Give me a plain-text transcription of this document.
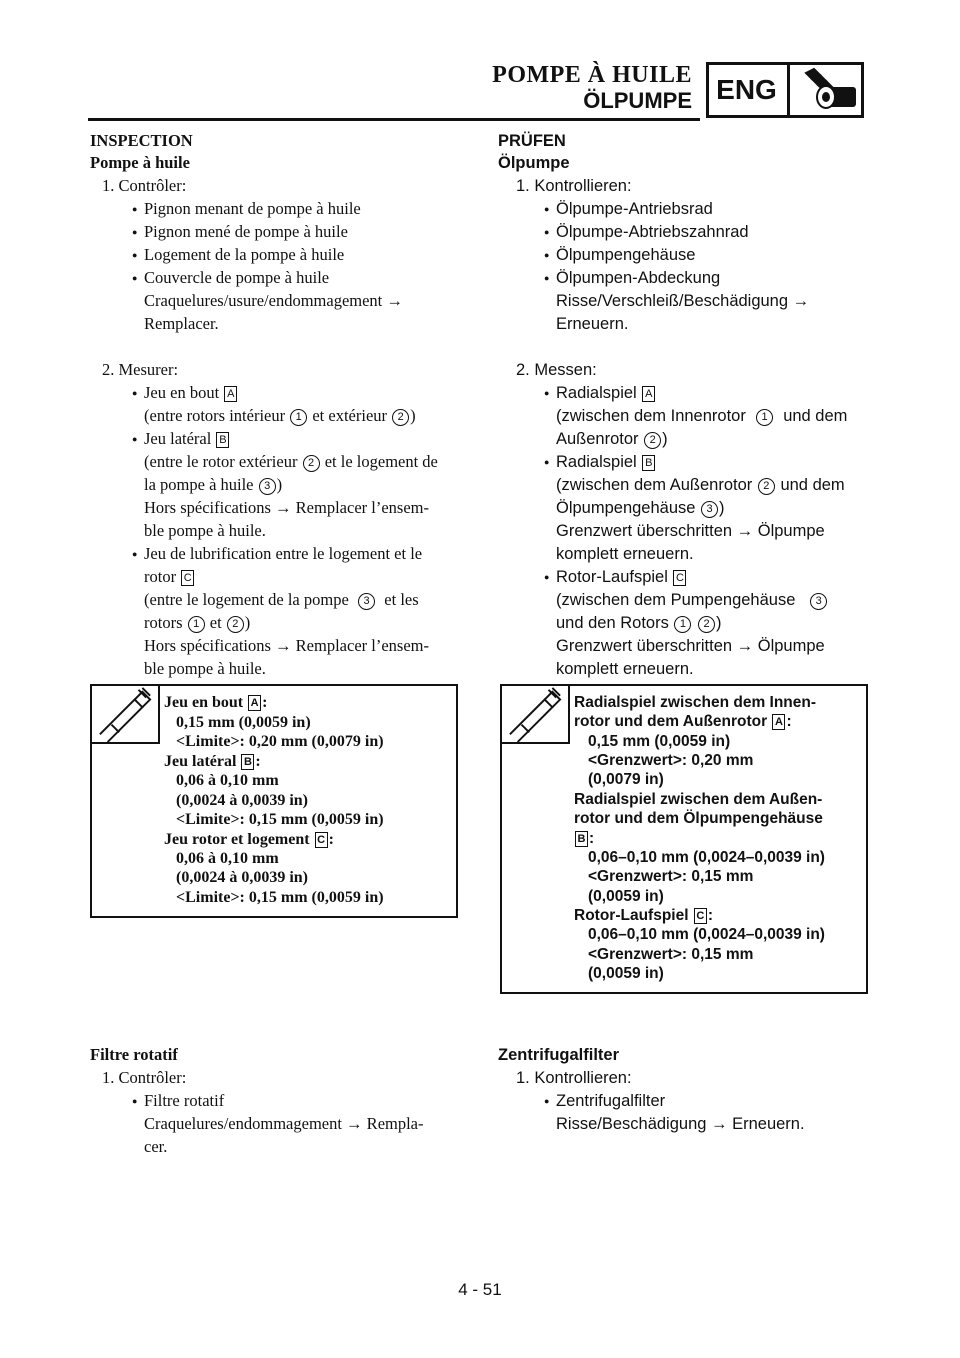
POMPE À HUILE
ÖLPUMPE ENG
INSPECTION
Pompe à huile
1. Contrôler:
● Pignon menant de pompe à huile
● Pignon mené de pompe à huile
● Logement de la pompe à huile
● Couvercle de pompe à huile
Craquelures/usure/endommagement →
Remplacer.
2. Mesurer:
● Jeu en bout A
(entre rotors intérieur 1 et extérieur 2 )
● Jeu latéral B
(entre le rotor extérieur 2 et le logement de
la pompe à huile 3 )
Hors spécifications → Remplacer l’ensem-
ble pompe à huile.
● Jeu de lubrification entre le logement et le
rotor C
(entre le logement de la pompe 3 et les
rotors 1 et 2 )
Hors spécifications → Remplacer l’ensem-
ble pompe à huile.
Jeu en bout A :
0,15 mm (0,0059 in)
<Limite>: 0,20 mm (0,0079 in)
Jeu latéral B :
0,06 à 0,10 mm
(0,0024 à 0,0039 in)
<Limite>: 0,15 mm (0,0059 in)
Jeu rotor et logement C :
0,06 à 0,10 mm
(0,0024 à 0,0039 in)
<Limite>: 0,15 mm (0,0059 in)
Filtre rotatif
1. Contrôler:
● Filtre rotatif
Craquelures/endommagement → Rempla-
cer.
PRÜFEN
Ölpumpe
1. Kontrollieren:
● Ölpumpe-Antriebsrad
● Ölpumpe-Abtriebszahnrad
● Ölpumpengehäuse
● Ölpumpen-Abdeckung
Risse/Verschleiß/Beschädigung →
Erneuern.
2. Messen:
● Radialspiel A
(zwischen dem Innenrotor 1 und dem
Außenrotor 2 )
● Radialspiel B
(zwischen dem Außenrotor 2 und dem
Ölpumpengehäuse 3 )
Grenzwert überschritten → Ölpumpe
komplett erneuern.
● Rotor-Laufspiel C
(zwischen dem Pumpengehäuse 3
und den Rotors 1 2 )
Grenzwert überschritten → Ölpumpe
komplett erneuern.
Radialspiel zwischen dem Innen-
rotor und dem Außenrotor A :
0,15 mm (0,0059 in)
<Grenzwert>: 0,20 mm
(0,0079 in)
Radialspiel zwischen dem Außen-
rotor und dem Ölpumpengehäuse
B :
0,06–0,10 mm (0,0024–0,0039 in)
<Grenzwert>: 0,15 mm
(0,0059 in)
Rotor-Laufspiel C :
0,06–0,10 mm (0,0024–0,0039 in)
<Grenzwert>: 0,15 mm
(0,0059 in)
Zentrifugalfilter
1. Kontrollieren:
● Zentrifugalfilter
Risse/Beschädigung → Erneuern.
4 - 51
